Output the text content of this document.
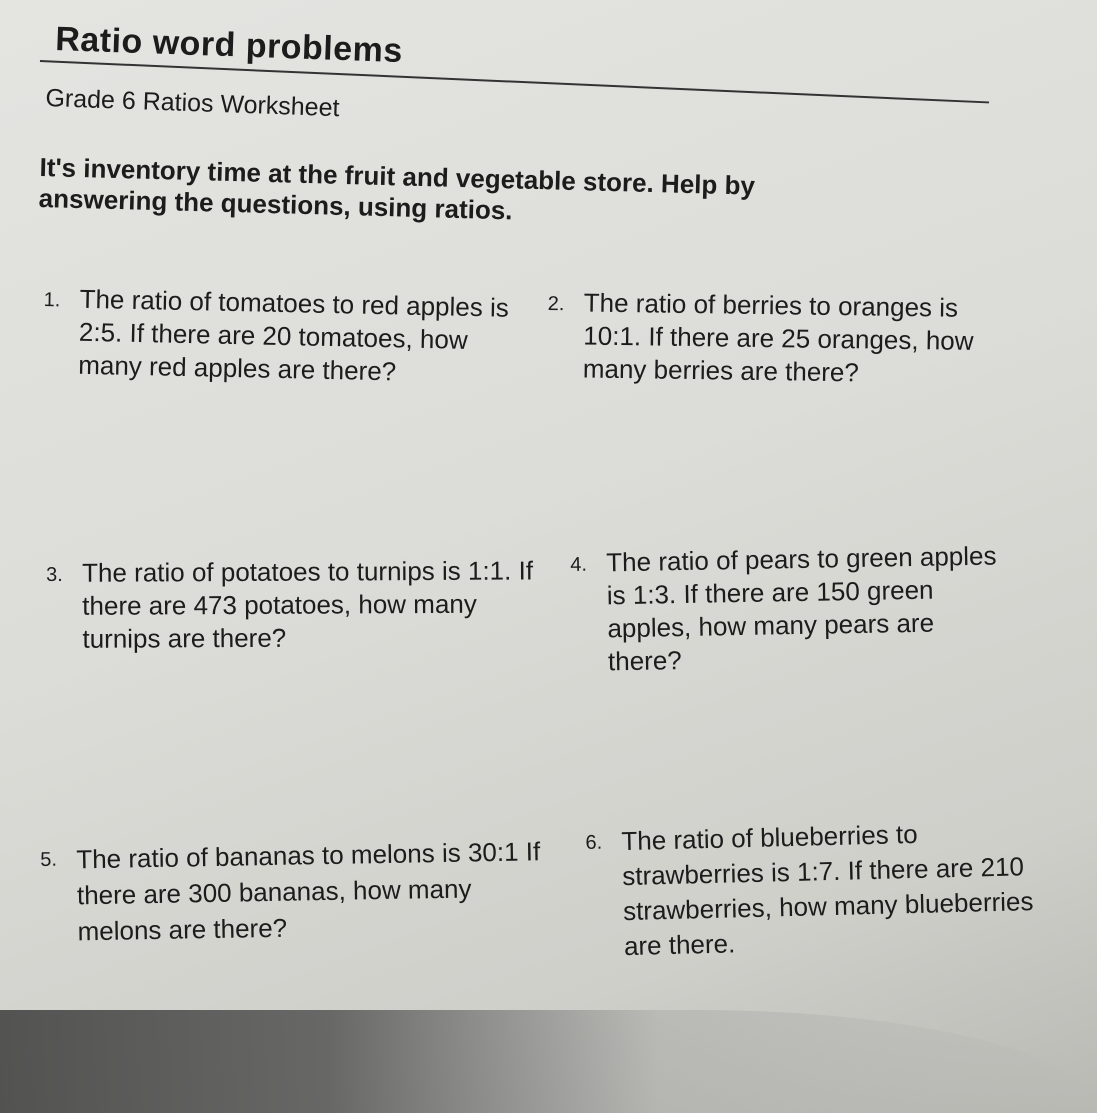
Ratio word problems
Grade 6 Ratios Worksheet
It's inventory time at the fruit and vegetable store. Help by answering the questions, using ratios.
1. The ratio of tomatoes to red apples is 2:5. If there are 20 tomatoes, how many red apples are there?
2. The ratio of berries to oranges is 10:1. If there are 25 oranges, how many berries are there?
3. The ratio of potatoes to turnips is 1:1. If there are 473 potatoes, how many turnips are there?
4. The ratio of pears to green apples is 1:3. If there are 150 green apples, how many pears are there?
5. The ratio of bananas to melons is 30:1 If there are 300 bananas, how many melons are there?
6. The ratio of blueberries to strawberries is 1:7. If there are 210 strawberries, how many blueberries are there.
